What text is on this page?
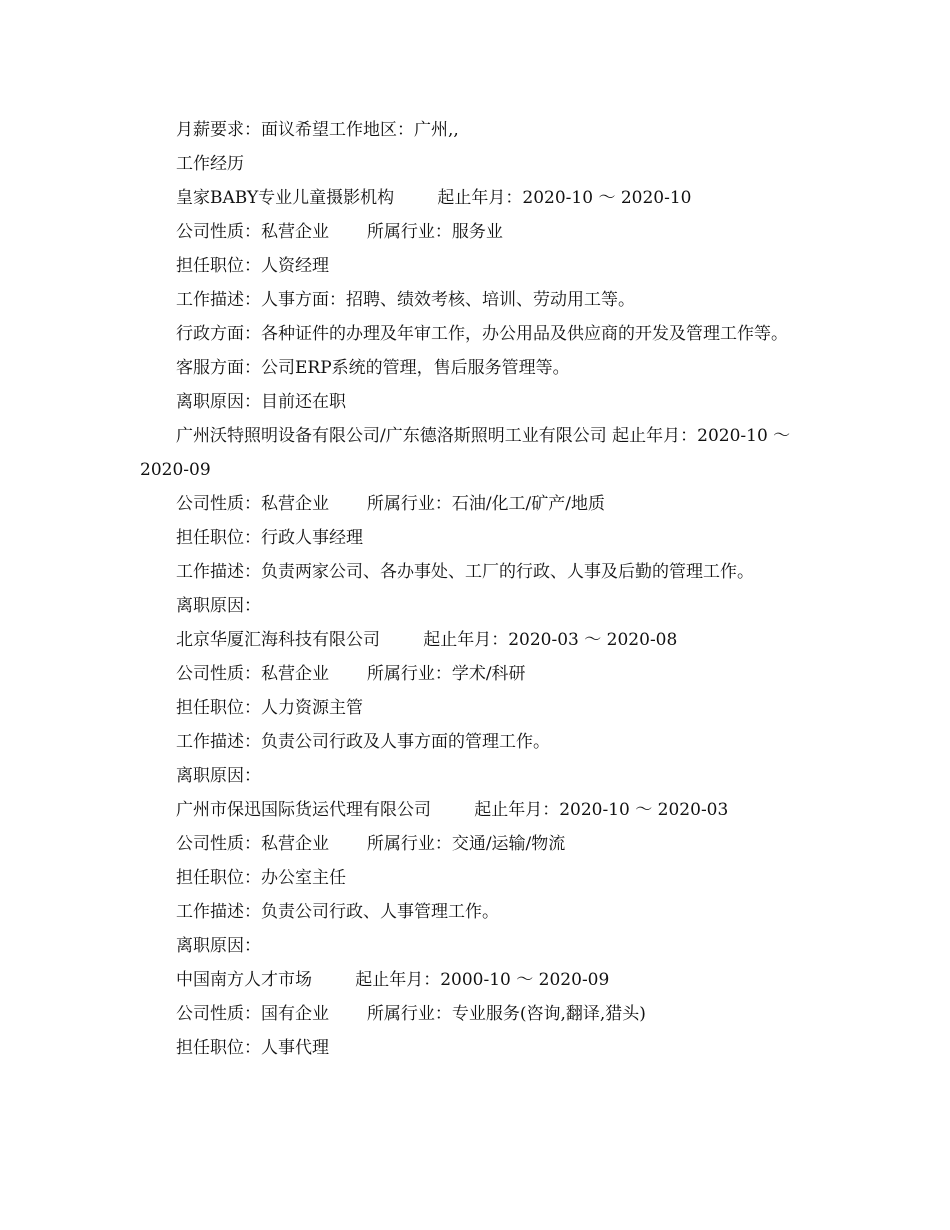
月薪要求：面议希望工作地区：广州,,
工作经历
皇家BABY专业儿童摄影机构        起止年月：2020-10 ～ 2020-10
公司性质：私营企业       所属行业：服务业
担任职位：人资经理
工作描述：人事方面：招聘、绩效考核、培训、劳动用工等。
行政方面：各种证件的办理及年审工作，办公用品及供应商的开发及管理工作等。
客服方面：公司ERP系统的管理，售后服务管理等。
离职原因：目前还在职
广州沃特照明设备有限公司/广东德洛斯照明工业有限公司 起止年月：2020-10 ～ 2020-09
公司性质：私营企业       所属行业：石油/化工/矿产/地质
担任职位：行政人事经理
工作描述：负责两家公司、各办事处、工厂的行政、人事及后勤的管理工作。
离职原因：
北京华厦汇海科技有限公司        起止年月：2020-03 ～ 2020-08
公司性质：私营企业       所属行业：学术/科研
担任职位：人力资源主管
工作描述：负责公司行政及人事方面的管理工作。
离职原因：
广州市保迅国际货运代理有限公司        起止年月：2020-10 ～ 2020-03
公司性质：私营企业       所属行业：交通/运输/物流
担任职位：办公室主任
工作描述：负责公司行政、人事管理工作。
离职原因：
中国南方人才市场        起止年月：2000-10 ～ 2020-09
公司性质：国有企业       所属行业：专业服务(咨询,翻译,猎头)
担任职位：人事代理
